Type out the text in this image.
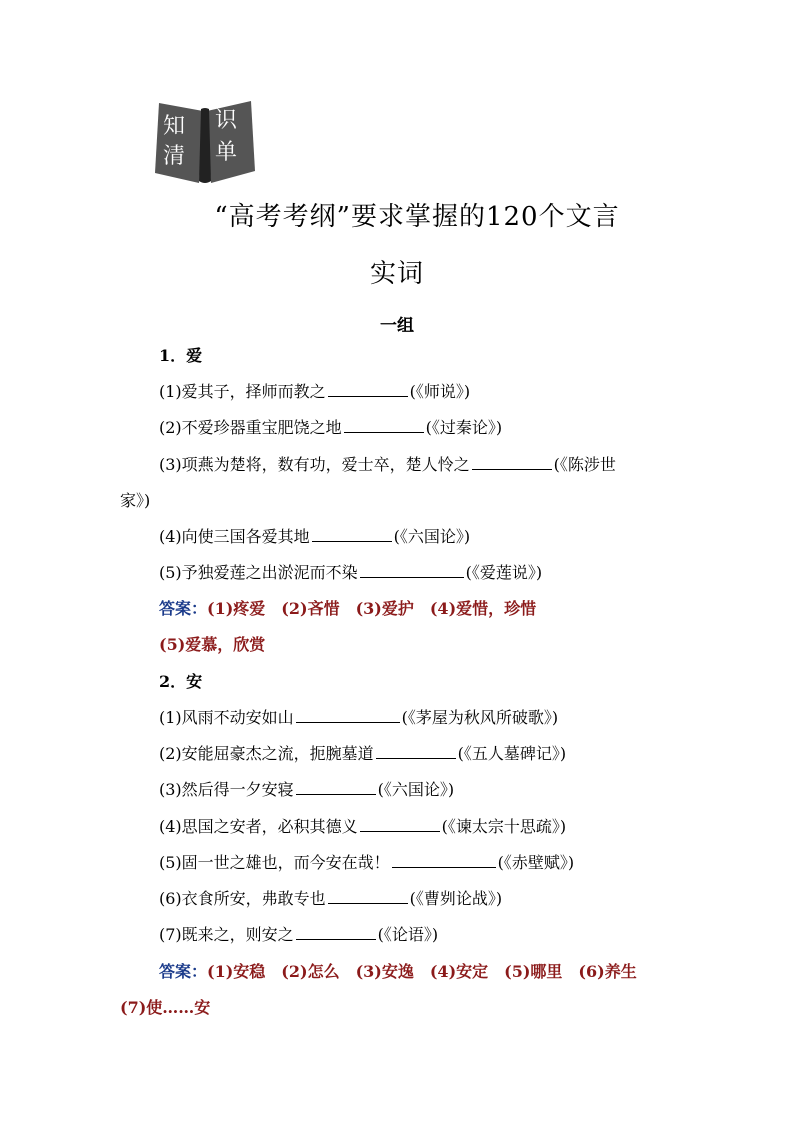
知 识
清 单
“高考考纲”要求掌握的120个文言
实词
一组
1．爱
(1)爱其子，择师而教之	(《师说》)
(2)不爱珍器重宝肥饶之地	(《过秦论》)
(3)项燕为楚将，数有功，爱士卒，楚人怜之	(《陈涉世
家》)
(4)向使三国各爱其地	(《六国论》)
(5)予独爱莲之出淤泥而不染	(《爱莲说》)
答案：(1)疼爱 (2)吝惜 (3)爱护 (4)爱惜，珍惜
(5)爱慕，欣赏
2．安
(1)风雨不动安如山	(《茅屋为秋风所破歌》)
(2)安能屈豪杰之流，扼腕墓道	(《五人墓碑记》)
(3)然后得一夕安寝	(《六国论》)
(4)思国之安者，必积其德义	(《谏太宗十思疏》)
(5)固一世之雄也，而今安在哉！	(《赤壁赋》)
(6)衣食所安，弗敢专也	(《曹刿论战》)
(7)既来之，则安之	(《论语》)
答案：(1)安稳 (2)怎么 (3)安逸 (4)安定 (5)哪里 (6)养生
(7)使……安
